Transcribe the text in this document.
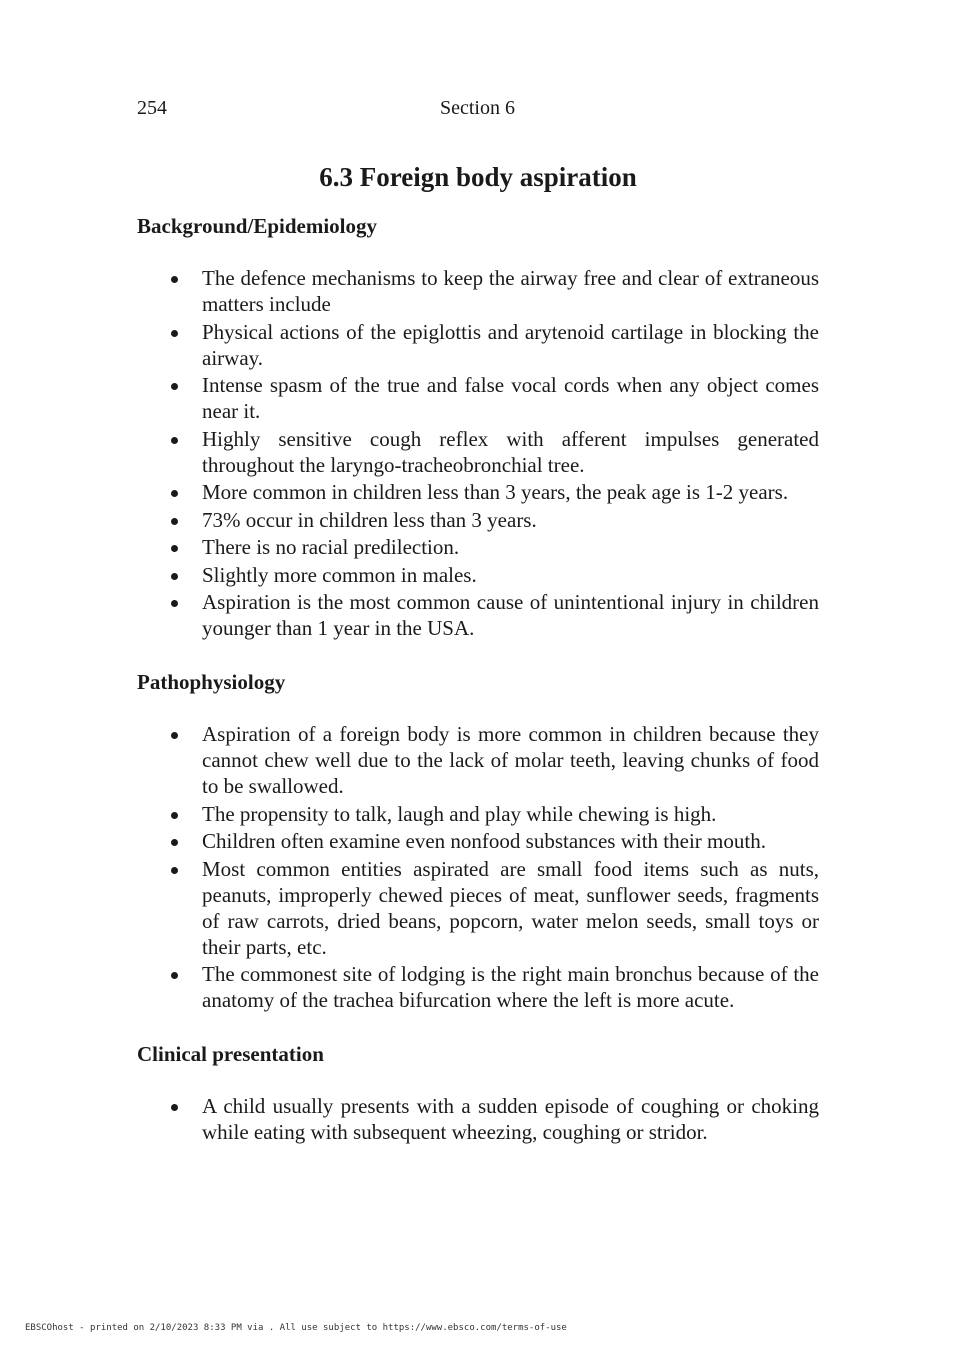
254	Section 6
6.3 Foreign body aspiration
Background/Epidemiology
The defence mechanisms to keep the airway free and clear of extraneous matters include
Physical actions of the epiglottis and arytenoid cartilage in blocking the airway.
Intense spasm of the true and false vocal cords when any object comes near it.
Highly sensitive cough reflex with afferent impulses generated throughout the laryngo-tracheobronchial tree.
More common in children less than 3 years, the peak age is 1-2 years.
73% occur in children less than 3 years.
There is no racial predilection.
Slightly more common in males.
Aspiration is the most common cause of unintentional injury in children younger than 1 year in the USA.
Pathophysiology
Aspiration of a foreign body is more common in children because they cannot chew well due to the lack of molar teeth, leaving chunks of food to be swallowed.
The propensity to talk, laugh and play while chewing is high.
Children often examine even nonfood substances with their mouth.
Most common entities aspirated are small food items such as nuts, peanuts, improperly chewed pieces of meat, sunflower seeds, fragments of raw carrots, dried beans, popcorn, water melon seeds, small toys or their parts, etc.
The commonest site of lodging is the right main bronchus because of the anatomy of the trachea bifurcation where the left is more acute.
Clinical presentation
A child usually presents with a sudden episode of coughing or choking while eating with subsequent wheezing, coughing or stridor.
EBSCOhost - printed on 2/10/2023 8:33 PM via . All use subject to https://www.ebsco.com/terms-of-use
